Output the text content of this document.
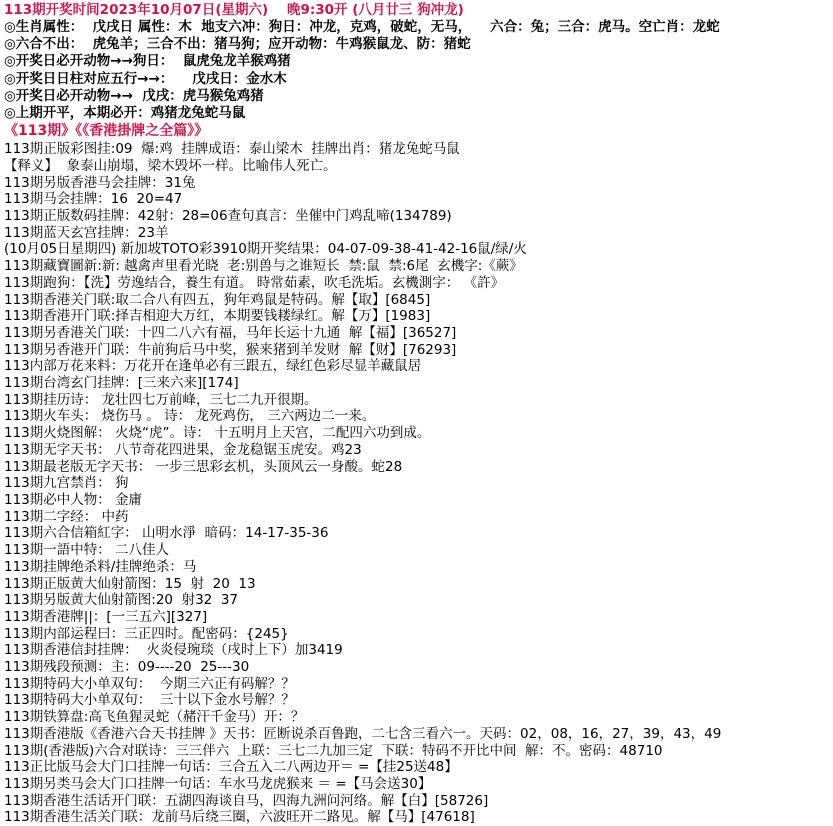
113期开奖时间2023年10月07日(星期六)    晚9:30开 (八月廿三 狗冲龙)
◎生肖属性：  戊戌日 属性：木  地支六冲：狗日：冲龙，克鸡，破蛇，无马，    六合：兔；三合：虎马。空亡肖：龙蛇
◎六合不出：  虎兔羊；三合不出：猪马狗；应开动物：牛鸡猴鼠龙、防：猪蛇
◎开奖日必开动物→→狗日：  鼠虎兔龙羊猴鸡猪
◎开奖日日柱对应五行→→：    戊戌日：金水木
◎开奖日必开动物→→  戊戌：虎马猴兔鸡猪
◎上期开平，本期必开：鸡猪龙兔蛇马鼠
《113期》《《香港掛牌之全篇》》
113期正版彩图挂:09  爆:鸡  挂牌成语：泰山梁木  挂牌出肖：猪龙兔蛇马鼠
【释义】  象泰山崩塌，梁木毁坏一样。比喻伟人死亡。
113期另版香港马会挂牌：31兔
113期马会挂牌：16  20=47
113期正版数码挂牌：42射：28=06查句真言：坐催中门鸡乱啼(134789)
113期蓝天玄宫挂牌：23羊
(10月05日星期四) 新加坡TOTO彩3910期开奖结果：04-07-09-38-41-42-16鼠/绿/火
113期藏寶圖新:新: 越禽声里看光晓  老:别兽与之谁短长  禁:鼠  禁:6尾  玄機字:《蕨》
113期跑狗：【洗】劳逸结合，養生有道。 時常茹素，吹毛洗垢。玄機測字： 《許》
113期香港关门联:取二合八有四五，狗年鸡鼠是特码。解【取】[6845]
113期香港开门联:择吉相迎大万红，本期要钱耧绿红。解【万】[1983]
113期另香港关门联：十四二八六有福，马年长运十九通  解【福】[36527]
113期另香港开门联：牛前狗后马中奖，猴来猪到羊发财  解【财】[76293]
113内部万花来料：万花开在逢单必有三跟五，绿红色彩尽显羊藏鼠居
113期台湾玄门挂牌：[三来六来][174]
113期挂历诗： 龙壮四七万前峰，三七二九开很期。
113期火车头： 烧伤马 。 诗： 龙死鸡伤， 三六两边二一来。
113期火烧图解： 火烧“虎”。诗： 十五明月上天宫，二配四六功到成。
113期无字天书： 八节奇花四进果，金龙稳锯玉虎安。鸡23
113期最老版无字天书： 一步三思彩玄机，头顶风云一身酸。蛇28
113期九宫禁肖： 狗
113期必中人物： 金庸
113期二字经： 中药
113期六合信箱紅字： 山明水淨  暗码：14-17-35-36
113期一語中特： 二八佳人
113期挂牌绝杀料/挂牌绝杀：马
113期正版黄大仙射箭图：15  射  20  13
113期另版黄大仙射箭图:20  射32  37
113期香港牌||：[一三五六][327]
113期内部运程曰：三正四时。配密码：{245}
113期香港信封挂牌：  火炎侵琬琰（戌时上下）加3419
113期残段预测：主：09----20  25---30
113期特码大小单双句：  今期三六正有码解？？
113期特码大小单双句：  三十以下金水号解？？
113期铁算盘:高飞鱼猩灵蛇（赭汗千金马）开：？
113期香港版《香港六合天书挂牌 》天书：匠断说杀百鲁跑，二七含三看六一。天码：02，08，16，27，39，43，49
113期(香港版)六合对联诗：三三伴六  上联：三七二九加三定  下联：特码不开比中间  解：不。密码：48710
113正比版马会大门口挂牌一句话：三合五入二八两边开＝ =【挂25送48】
113期另类马会大门口挂牌一句话：车水马龙虎猴来 ＝ =【马会送30】
113期香港生活话开门联：五湖四海谈自马，四海九洲问河络。解【白】[58726]
113期香港生活关门联：龙前马后绕三圈，六波旺开二路见。解【马】[47618]
